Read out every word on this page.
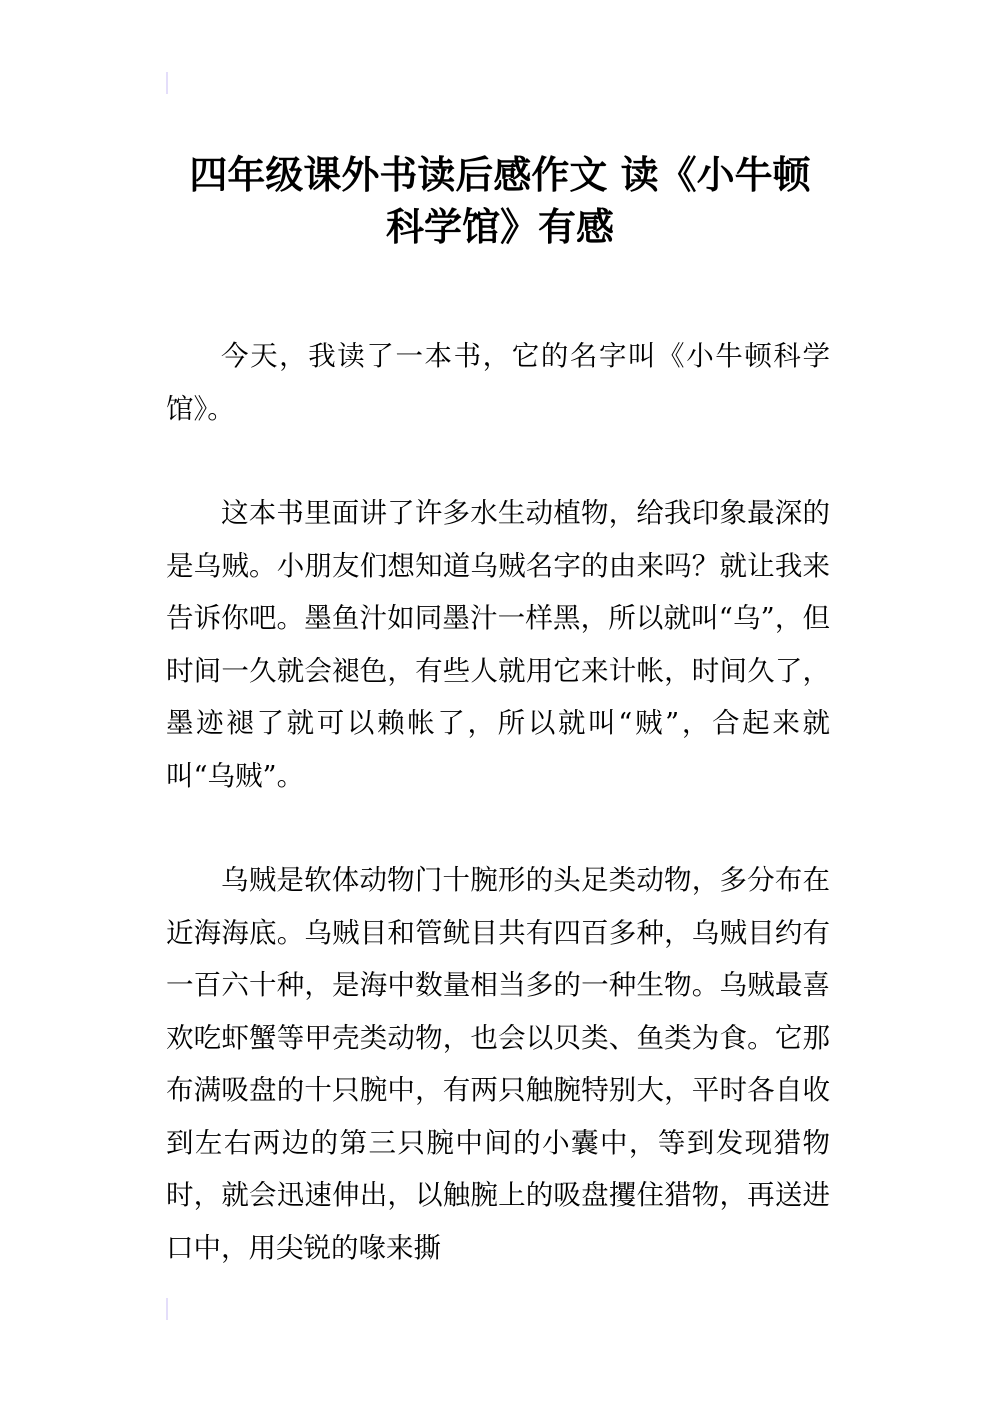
四年级课外书读后感作文 读《小牛顿
科学馆》有感

今天，我读了一本书，它的名字叫《小牛顿科学馆》。

这本书里面讲了许多水生动植物，给我印象最深的是乌贼。小朋友们想知道乌贼名字的由来吗？就让我来告诉你吧。墨鱼汁如同墨汁一样黑，所以就叫“乌”，但时间一久就会褪色，有些人就用它来计帐，时间久了，墨迹褪了就可以赖帐了，所以就叫“贼”，合起来就叫“乌贼”。

乌贼是软体动物门十腕形的头足类动物，多分布在近海海底。乌贼目和管鱿目共有四百多种，乌贼目约有一百六十种，是海中数量相当多的一种生物。乌贼最喜欢吃虾蟹等甲壳类动物，也会以贝类、鱼类为食。它那布满吸盘的十只腕中，有两只触腕特别大，平时各自收到左右两边的第三只腕中间的小囊中，等到发现猎物时，就会迅速伸出，以触腕上的吸盘攫住猎物，再送进口中，用尖锐的喙来撕
